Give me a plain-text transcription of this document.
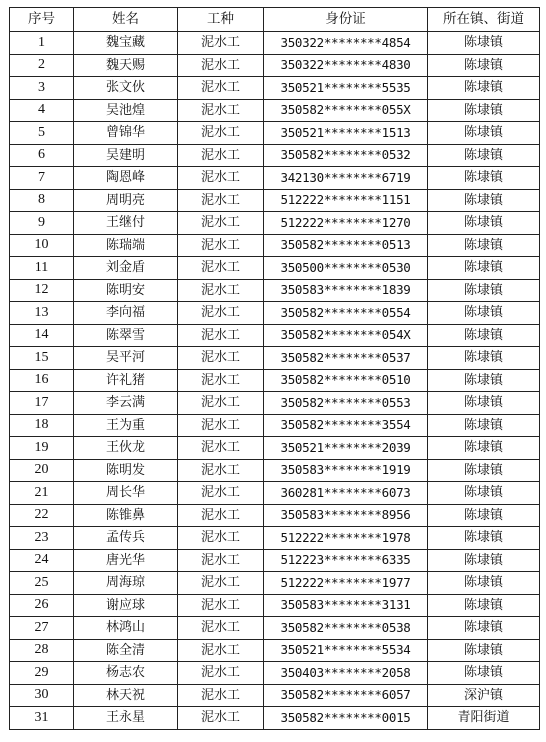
序号	姓名	工种	身份证	所在镇、街道
1	魏宝藏	泥水工	350322********4854	陈埭镇
2	魏天赐	泥水工	350322********4830	陈埭镇
3	张文伙	泥水工	350521********5535	陈埭镇
4	吴池煌	泥水工	350582********055X	陈埭镇
5	曾锦华	泥水工	350521********1513	陈埭镇
6	吴建明	泥水工	350582********0532	陈埭镇
7	陶恩峰	泥水工	342130********6719	陈埭镇
8	周明亮	泥水工	512222********1151	陈埭镇
9	王继付	泥水工	512222********1270	陈埭镇
10	陈瑞端	泥水工	350582********0513	陈埭镇
11	刘金盾	泥水工	350500********0530	陈埭镇
12	陈明安	泥水工	350583********1839	陈埭镇
13	李向福	泥水工	350582********0554	陈埭镇
14	陈翠雪	泥水工	350582********054X	陈埭镇
15	吴平河	泥水工	350582********0537	陈埭镇
16	许礼猪	泥水工	350582********0510	陈埭镇
17	李云满	泥水工	350582********0553	陈埭镇
18	王为重	泥水工	350582********3554	陈埭镇
19	王伙龙	泥水工	350521********2039	陈埭镇
20	陈明发	泥水工	350583********1919	陈埭镇
21	周长华	泥水工	360281********6073	陈埭镇
22	陈锥鼻	泥水工	350583********8956	陈埭镇
23	孟传兵	泥水工	512222********1978	陈埭镇
24	唐光华	泥水工	512223********6335	陈埭镇
25	周海琼	泥水工	512222********1977	陈埭镇
26	谢应球	泥水工	350583********3131	陈埭镇
27	林鸿山	泥水工	350582********0538	陈埭镇
28	陈全清	泥水工	350521********5534	陈埭镇
29	杨志农	泥水工	350403********2058	陈埭镇
30	林天祝	泥水工	350582********6057	深沪镇
31	王永星	泥水工	350582********0015	青阳街道
